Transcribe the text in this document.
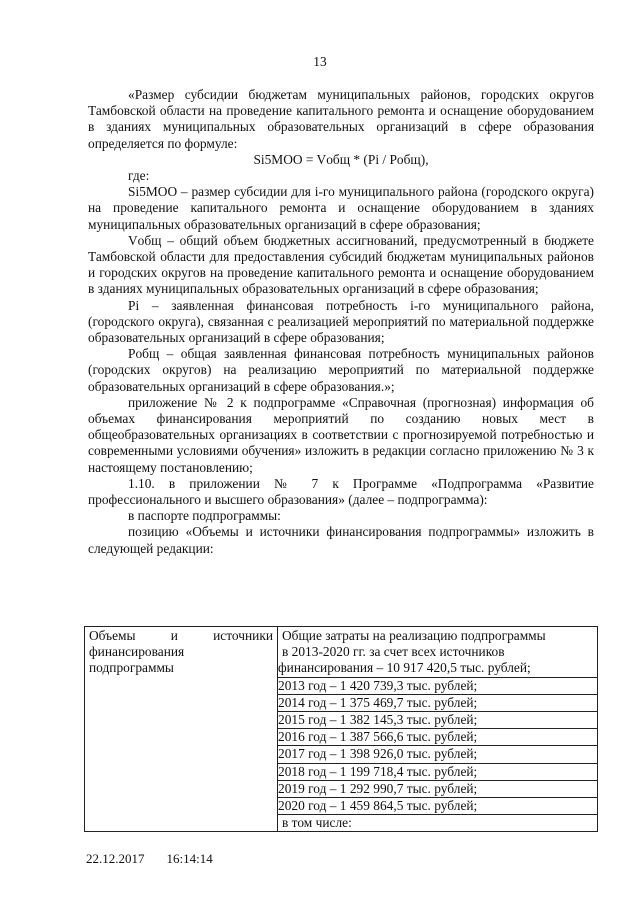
13

«Размер субсидии бюджетам муниципальных районов, городских округов Тамбовской области на проведение капитального ремонта и оснащение оборудованием в зданиях муниципальных образовательных организаций в сфере образования определяется по формуле:

Si5MOO = Vобщ * (Pi / Pобщ),

где:

Si5MOO – размер субсидии для i-го муниципального района (городского округа) на проведение капитального ремонта и оснащение оборудованием в зданиях муниципальных образовательных организаций в сфере образования;

Vобщ – общий объем бюджетных ассигнований, предусмотренный в бюджете Тамбовской области для предоставления субсидий бюджетам муниципальных районов и городских округов на проведение капитального ремонта и оснащение оборудованием в зданиях муниципальных образовательных организаций в сфере образования;

Pi – заявленная финансовая потребность i-го муниципального района, (городского округа), связанная с реализацией мероприятий по материальной поддержке образовательных организаций в сфере образования;

Pобщ – общая заявленная финансовая потребность муниципальных районов (городских округов) на реализацию мероприятий по материальной поддержке образовательных организаций в сфере образования.»;

приложение № 2 к подпрограмме «Справочная (прогнозная) информация об объемах финансирования мероприятий по созданию новых мест в общеобразовательных организациях в соответствии с прогнозируемой потребностью и современными условиями обучения» изложить в редакции согласно приложению № 3 к настоящему постановлению;

1.10. в приложении № 7 к Программе «Подпрограмма «Развитие профессионального и высшего образования» (далее – подпрограмма):

в паспорте подпрограммы:

позицию «Объемы и источники финансирования подпрограммы» изложить в следующей редакции:

Объемы и источники
финансирования
подпрограммы

Общие затраты на реализацию подпрограммы
в 2013-2020 гг. за счет всех источников
финансирования – 10 917 420,5 тыс. рублей;
2013 год – 1 420 739,3 тыс. рублей;
2014 год – 1 375 469,7 тыс. рублей;
2015 год – 1 382 145,3 тыс. рублей;
2016 год – 1 387 566,6 тыс. рублей;
2017 год – 1 398 926,0 тыс. рублей;
2018 год – 1 199 718,4 тыс. рублей;
2019 год – 1 292 990,7 тыс. рублей;
2020 год – 1 459 864,5 тыс. рублей;
в том числе:
22.12.2017 16:14:14
